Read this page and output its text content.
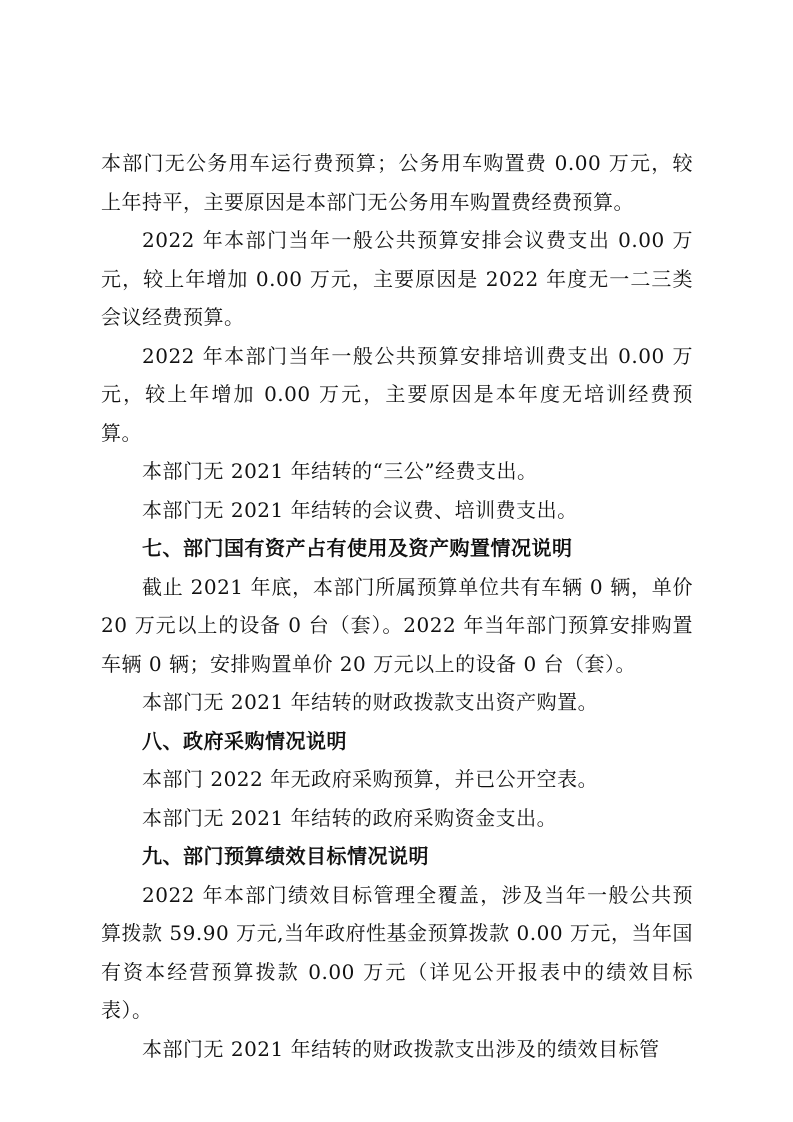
本部门无公务用车运行费预算；公务用车购置费 0.00 万元，较上年持平，主要原因是本部门无公务用车购置费经费预算。

2022 年本部门当年一般公共预算安排会议费支出 0.00 万元，较上年增加 0.00 万元，主要原因是 2022 年度无一二三类会议经费预算。

2022 年本部门当年一般公共预算安排培训费支出 0.00 万元，较上年增加 0.00 万元，主要原因是本年度无培训经费预算。

本部门无 2021 年结转的“三公”经费支出。

本部门无 2021 年结转的会议费、培训费支出。

七、部门国有资产占有使用及资产购置情况说明

截止 2021 年底，本部门所属预算单位共有车辆 0 辆，单价 20 万元以上的设备 0 台（套）。2022 年当年部门预算安排购置车辆 0 辆；安排购置单价 20 万元以上的设备 0 台（套）。

本部门无 2021 年结转的财政拨款支出资产购置。

八、政府采购情况说明

本部门 2022 年无政府采购预算，并已公开空表。

本部门无 2021 年结转的政府采购资金支出。

九、部门预算绩效目标情况说明

2022 年本部门绩效目标管理全覆盖，涉及当年一般公共预算拨款 59.90 万元,当年政府性基金预算拨款 0.00 万元，当年国有资本经营预算拨款 0.00 万元（详见公开报表中的绩效目标表）。

本部门无 2021 年结转的财政拨款支出涉及的绩效目标管
